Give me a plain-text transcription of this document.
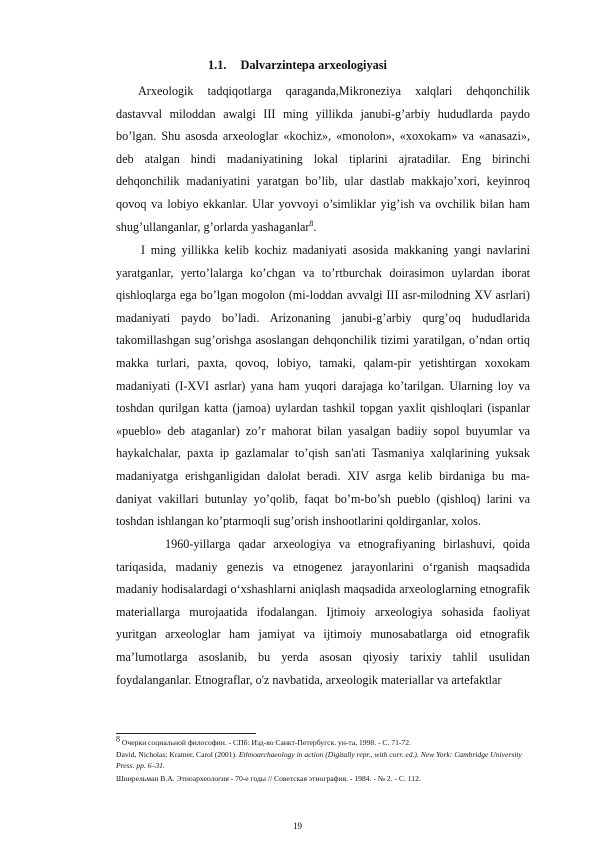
1.1. Dalvarzintepa arxeologiyasi

Arxeologik tadqiqotlarga qaraganda,Mikroneziya xalqlari dehqonchilik dastavval miloddan awalgi III ming yillikda janubi-g’arbiy hududlarda paydo bo’lgan. Shu asosda arxeologlar «kochiz», «monolon», «xoxokam» va «anasazi», deb atalgan hindi madaniyatining lokal tiplarini ajratadilar. Eng birinchi dehqonchilik madaniyatini yaratgan bo’lib, ular dastlab makkajo’xori, keyinroq qovoq va lobiyo ekkanlar. Ular yovvoyi o’simliklar yig’ish va ovchilik bilan ham shug’ullanganlar, g’orlarda yashaganlar$^8$.

I ming yillikka kelib kochiz madaniyati asosida makkaning yangi navlarini yaratganlar, yerto’lalarga ko’chgan va to’rtburchak doirasimon uylardan iborat qishloqlarga ega bo’lgan mogolon (mi-loddan avvalgi III asr-milodning XV asrlari) madaniyati paydo bo’ladi. Arizonaning janubi-g’arbiy qurg’oq hududlarida takomillashgan sug’orishga asoslangan dehqonchilik tizimi yaratilgan, o’ndan ortiq makka turlari, paxta, qovoq, lobiyo, tamaki, qalam-pir yetishtirgan xoxokam madaniyati (I-XVI asrlar) yana ham yuqori darajaga ko’tarilgan. Ularning loy va toshdan qurilgan katta (jamoa) uylardan tashkil topgan yaxlit qishloqlari (ispanlar «pueblo» deb ataganlar) zo’r mahorat bilan yasalgan badiiy sopol buyumlar va haykalchalar, paxta ip gazlamalar to’qish san'ati Tasmaniya xalqlarining yuksak madaniyatga erishganligidan dalolat beradi. XIV asrga kelib birdaniga bu ma-daniyat vakillari butunlay yo’qolib, faqat bo’m-bo’sh pueblo (qishloq) larini va toshdan ishlangan ko’ptarmoqli sug’orish inshootlarini qoldirganlar, xolos.

1960-yillarga qadar arxeologiya va etnografiyaning birlashuvi, qoida tariqasida, madaniy genezis va etnogenez jarayonlarini o‘rganish maqsadida madaniy hodisalardagi o‘xshashlarni aniqlash maqsadida arxeologlarning etnografik materiallarga murojaatida ifodalangan. Ijtimoiy arxeologiya sohasida faoliyat yuritgan arxeologlar ham jamiyat va ijtimoiy munosabatlarga oid etnografik ma’lumotlarga asoslanib, bu yerda asosan qiyosiy tarixiy tahlil usulidan foydalanganlar. Etnograflar, o'z navbatida, arxeologik materiallar va artefaktlar

$^8$ Очерки социальной философии. - СПб: Изд-во Санкт-Петербугск. ун-та, 1998. - С. 71-72.
David, Nicholas; Kramer, Carol (2001). Ethnoarchaeology in action (Digitally repr., with corr. ed.). New York: Cambridge University Press. pp. 6–31.
Шнирельман В.А. Этноархеология - 70-е годы // Советская этнография. - 1984. - № 2. - С. 112.
19
